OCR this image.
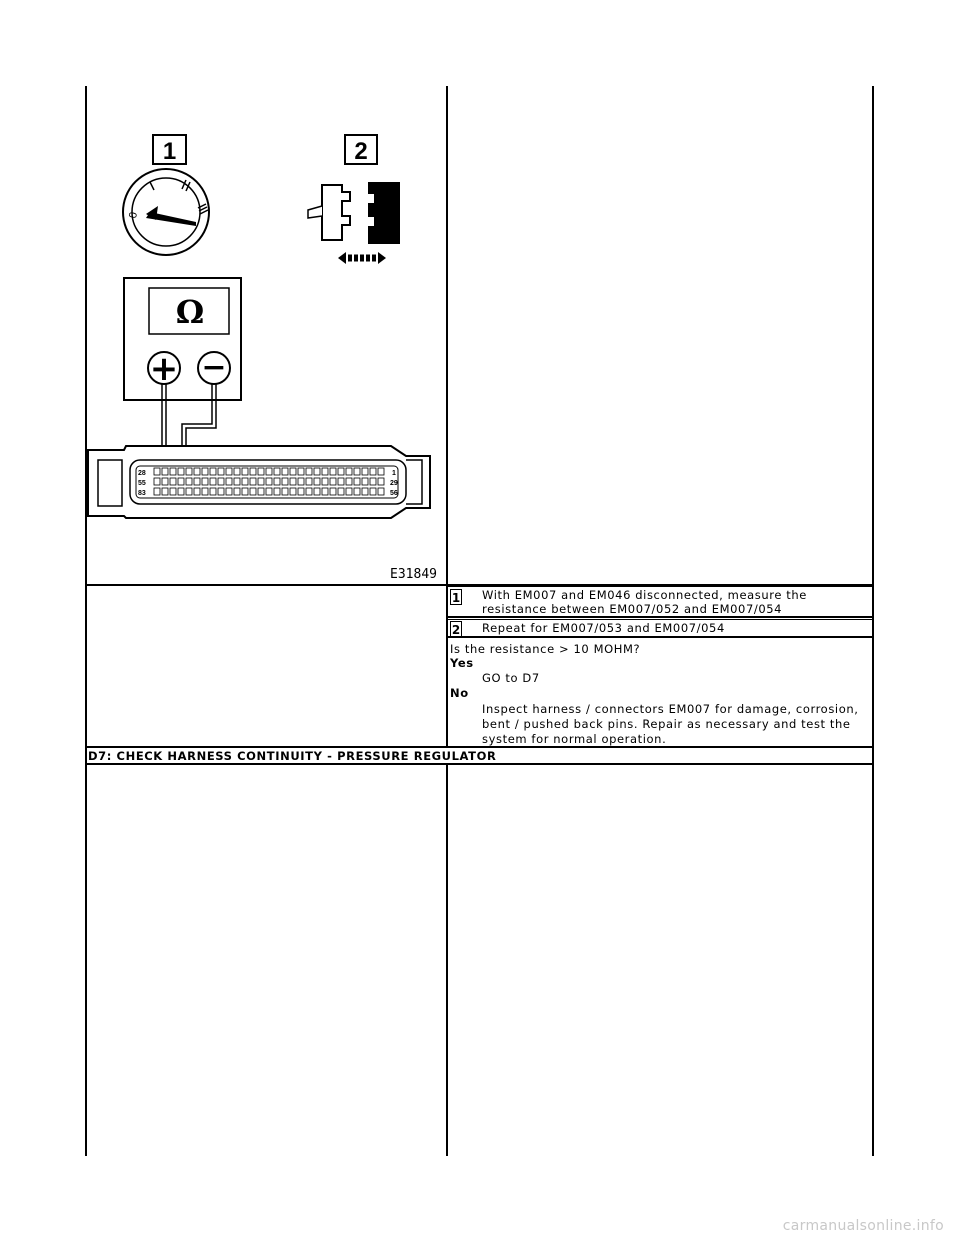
1	2
0
Ω
+ −
28
55
83
1
29
56
E31849
1 With EM007 and EM046 disconnected, measure the
resistance between EM007/052 and EM007/054
2 Repeat for EM007/053 and EM007/054
Is the resistance > 10 MOHM?
Yes
GO to D7
No
Inspect harness / connectors EM007 for damage, corrosion,
bent / pushed back pins. Repair as necessary and test the
system for normal operation.
D7: CHECK HARNESS CONTINUITY - PRESSURE REGULATOR
carmanualsonline.info
